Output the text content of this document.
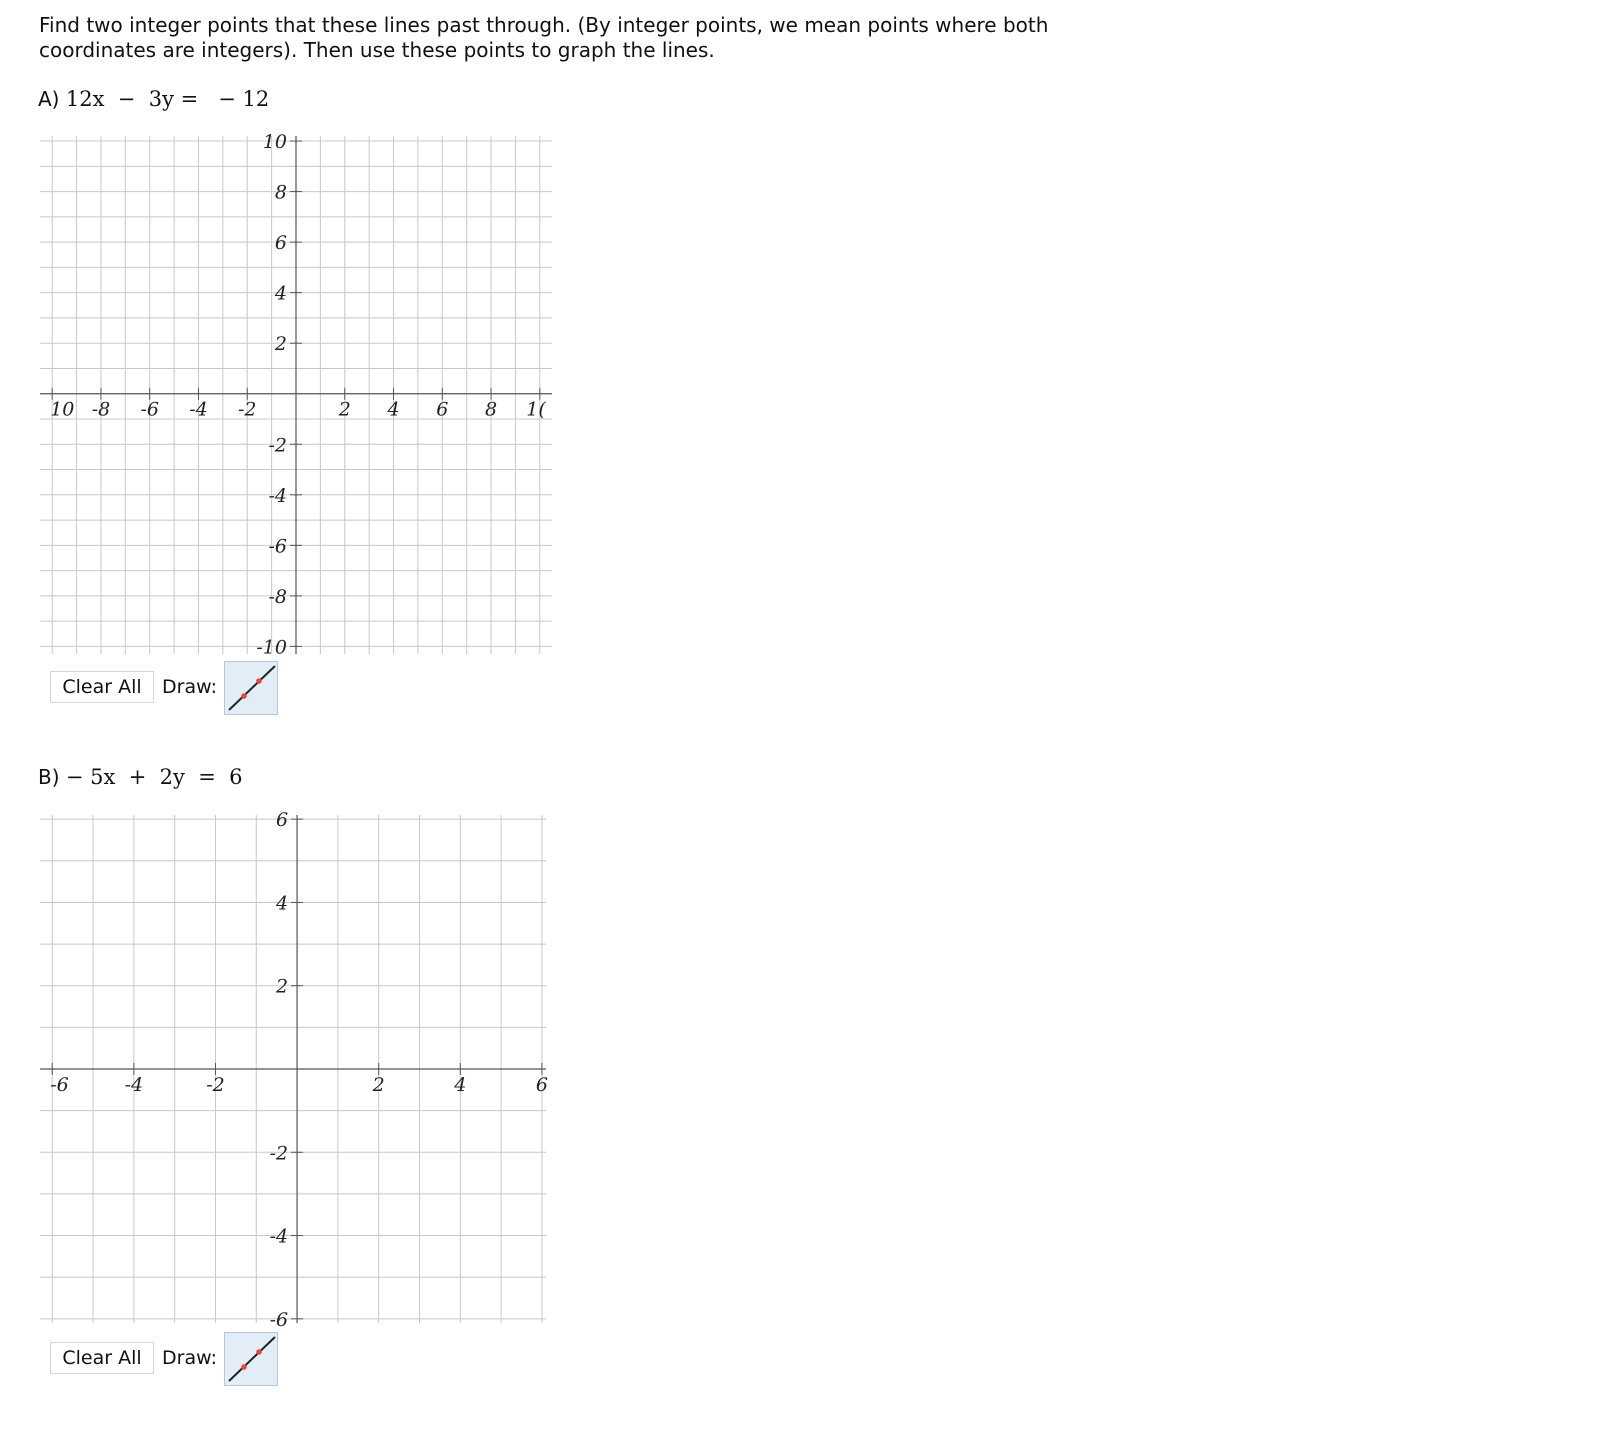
Find two integer points that these lines past through. (By integer points, we mean points where both coordinates are integers). Then use these points to graph the lines.

A) 12x  −  3y =   − 12
10 -8 -6 -4 -2	2 4 6 8 1(
10
8
6
4
2
-2
-4
-6
-8
-10
Clear All	Draw:
B) − 5x  +  2y  =  6
-6	-4	-2	2	4	6
6
4
2
-2
-4
-6
Clear All	Draw:
